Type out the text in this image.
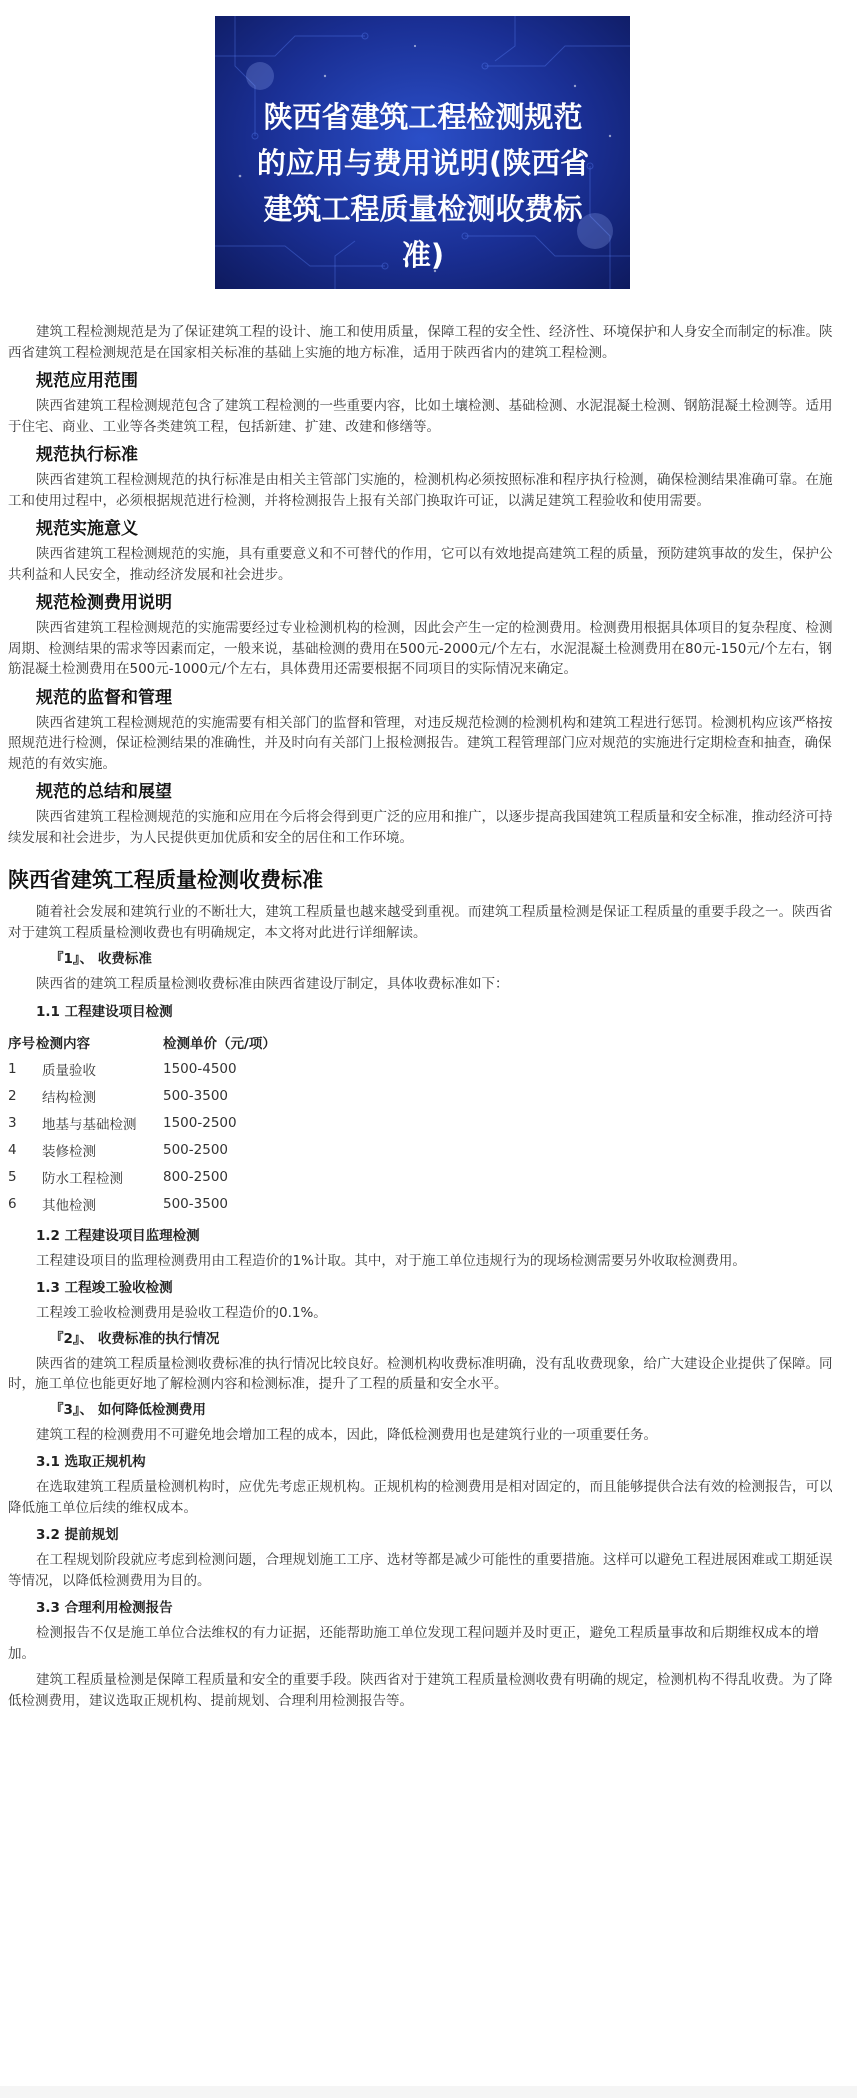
陕西省建筑工程检测规范的应用与费用说明(陕西省建筑工程质量检测收费标准)

建筑工程检测规范是为了保证建筑工程的设计、施工和使用质量，保障工程的安全性、经济性、环境保护和人身安全而制定的标准。陕西省建筑工程检测规范是在国家相关标准的基础上实施的地方标准，适用于陕西省内的建筑工程检测。

规范应用范围

陕西省建筑工程检测规范包含了建筑工程检测的一些重要内容，比如土壤检测、基础检测、水泥混凝土检测、钢筋混凝土检测等。适用于住宅、商业、工业等各类建筑工程，包括新建、扩建、改建和修缮等。

规范执行标准

陕西省建筑工程检测规范的执行标准是由相关主管部门实施的，检测机构必须按照标准和程序执行检测，确保检测结果准确可靠。在施工和使用过程中，必须根据规范进行检测，并将检测报告上报有关部门换取许可证，以满足建筑工程验收和使用需要。

规范实施意义

陕西省建筑工程检测规范的实施，具有重要意义和不可替代的作用，它可以有效地提高建筑工程的质量，预防建筑事故的发生，保护公共利益和人民安全，推动经济发展和社会进步。

规范检测费用说明

陕西省建筑工程检测规范的实施需要经过专业检测机构的检测，因此会产生一定的检测费用。检测费用根据具体项目的复杂程度、检测周期、检测结果的需求等因素而定，一般来说，基础检测的费用在500元-2000元/个左右，水泥混凝土检测费用在80元-150元/个左右，钢筋混凝土检测费用在500元-1000元/个左右，具体费用还需要根据不同项目的实际情况来确定。

规范的监督和管理

陕西省建筑工程检测规范的实施需要有相关部门的监督和管理，对违反规范检测的检测机构和建筑工程进行惩罚。检测机构应该严格按照规范进行检测，保证检测结果的准确性，并及时向有关部门上报检测报告。建筑工程管理部门应对规范的实施进行定期检查和抽查，确保规范的有效实施。

规范的总结和展望

陕西省建筑工程检测规范的实施和应用在今后将会得到更广泛的应用和推广，以逐步提高我国建筑工程质量和安全标准，推动经济可持续发展和社会进步，为人民提供更加优质和安全的居住和工作环境。

陕西省建筑工程质量检测收费标准

随着社会发展和建筑行业的不断壮大，建筑工程质量也越来越受到重视。而建筑工程质量检测是保证工程质量的重要手段之一。陕西省对于建筑工程质量检测收费也有明确规定，本文将对此进行详细解读。

『1』、 收费标准

陕西省的建筑工程质量检测收费标准由陕西省建设厅制定，具体收费标准如下：

1.1 工程建设项目检测
序号	检测内容	检测单价（元/项）
1	质量验收	1500-4500
2	结构检测	500-3500
3	地基与基础检测	1500-2500
4	装修检测	500-2500
5	防水工程检测	800-2500
6	其他检测	500-3500
1.2 工程建设项目监理检测

工程建设项目的监理检测费用由工程造价的1%计取。其中，对于施工单位违规行为的现场检测需要另外收取检测费用。

1.3 工程竣工验收检测

工程竣工验收检测费用是验收工程造价的0.1%。

『2』、 收费标准的执行情况

陕西省的建筑工程质量检测收费标准的执行情况比较良好。检测机构收费标准明确，没有乱收费现象，给广大建设企业提供了保障。同时，施工单位也能更好地了解检测内容和检测标准，提升了工程的质量和安全水平。

『3』、 如何降低检测费用

建筑工程的检测费用不可避免地会增加工程的成本，因此，降低检测费用也是建筑行业的一项重要任务。

3.1 选取正规机构

在选取建筑工程质量检测机构时，应优先考虑正规机构。正规机构的检测费用是相对固定的，而且能够提供合法有效的检测报告，可以降低施工单位后续的维权成本。

3.2 提前规划

在工程规划阶段就应考虑到检测问题，合理规划施工工序、选材等都是减少可能性的重要措施。这样可以避免工程进展困难或工期延误等情况，以降低检测费用为目的。

3.3 合理利用检测报告

检测报告不仅是施工单位合法维权的有力证据，还能帮助施工单位发现工程问题并及时更正，避免工程质量事故和后期维权成本的增加。

建筑工程质量检测是保障工程质量和安全的重要手段。陕西省对于建筑工程质量检测收费有明确的规定，检测机构不得乱收费。为了降低检测费用，建议选取正规机构、提前规划、合理利用检测报告等。
